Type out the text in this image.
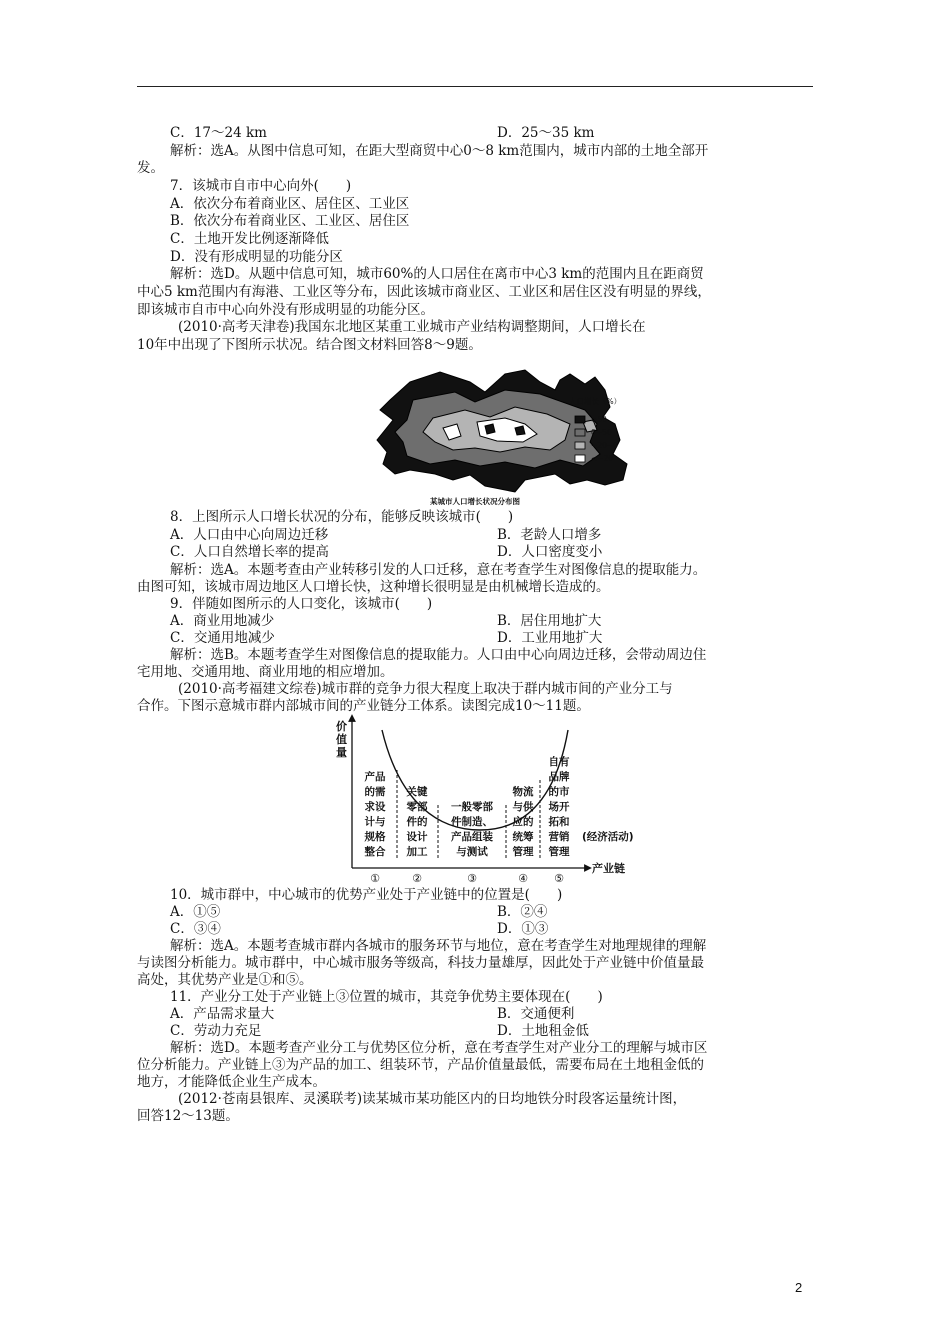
C．17～24 km	D．25～35 km
解析：选A。从图中信息可知，在距大型商贸中心0～8 km范围内，城市内部的土地全部开
发。
7．该城市自市中心向外(　　)
A．依次分布着商业区、居住区、工业区
B．依次分布着商业区、工业区、居住区
C．土地开发比例逐渐降低
D．没有形成明显的功能分区
解析：选D。从题中信息可知，城市60%的人口居住在离市中心3 km的范围内且在距商贸
中心5 km范围内有海港、工业区等分布，因此该城市商业区、工业区和居住区没有明显的界线，
即该城市自市中心向外没有形成明显的功能分区。
(2010·高考天津卷)我国东北地区某重工业城市产业结构调整期间，人口增长在
10年中出现了下图所示状况。结合图文材料回答8～9题。
人口增长（%）
>50
0~50
−20~0
<−20
某城市人口增长状况分布图
8．上图所示人口增长状况的分布，能够反映该城市(　　)
A．人口由中心向周边迁移	B．老龄人口增多
C．人口自然增长率的提高	D．人口密度变小
解析：选A。本题考查由产业转移引发的人口迁移，意在考查学生对图像信息的提取能力。
由图可知，该城市周边地区人口增长快，这种增长很明显是由机械增长造成的。
9．伴随如图所示的人口变化，该城市(　　)
A．商业用地减少	B．居住用地扩大
C．交通用地减少	D．工业用地扩大
解析：选B。本题考查学生对图像信息的提取能力。人口由中心向周边迁移，会带动周边住
宅用地、交通用地、商业用地的相应增加。
(2010·高考福建文综卷)城市群的竞争力很大程度上取决于群内城市间的产业分工与
合作。下图示意城市群内部城市间的产业链分工体系。读图完成10～11题。
价
值
量
产业链
产品
的需
求设
计与
规格
整合
关键
零部
件的
设计
加工
一般零部
件制造、
产品组装
与测试
物流
与供
应的
统筹
管理
自有
品牌
的市
场开
拓和
营销
管理
(经济活动)
①	②	③	④ ⑤
10．城市群中，中心城市的优势产业处于产业链中的位置是(　　)
A．①⑤	B．②④
C．③④	D．①③
解析：选A。本题考查城市群内各城市的服务环节与地位，意在考查学生对地理规律的理解
与读图分析能力。城市群中，中心城市服务等级高，科技力量雄厚，因此处于产业链中价值量最
高处，其优势产业是①和⑤。
11．产业分工处于产业链上③位置的城市，其竞争优势主要体现在(　　)
A．产品需求量大	B．交通便利
C．劳动力充足	D．土地租金低
解析：选D。本题考查产业分工与优势区位分析，意在考查学生对产业分工的理解与城市区
位分析能力。产业链上③为产品的加工、组装环节，产品价值量最低，需要布局在土地租金低的
地方，才能降低企业生产成本。
(2012·苍南县银库、灵溪联考)读某城市某功能区内的日均地铁分时段客运量统计图，
回答12～13题。
2
